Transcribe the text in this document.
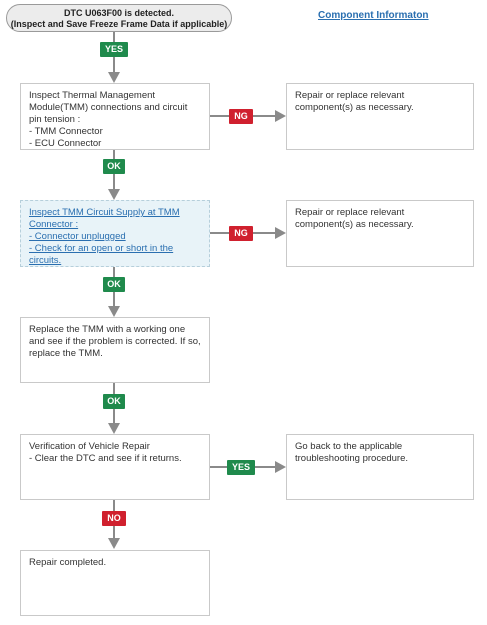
DTC U063F00 is detected.
(Inspect and Save Freeze Frame Data if applicable)
Component Informaton
YES
Inspect Thermal Management Module(TMM) connections and circuit pin tension :
- TMM Connector
- ECU Connector
NG
Repair or replace relevant component(s) as necessary.
OK
Inspect TMM Circuit Supply at TMM Connector :
- Connector unplugged
- Check for an open or short in the circuits.
NG
Repair or replace relevant component(s) as necessary.
OK
Replace the TMM with a working one and see if the problem is corrected. If so, replace the TMM.
OK
Verification of Vehicle Repair
- Clear the DTC and see if it returns.
YES
Go back to the applicable troubleshooting procedure.
NO
Repair completed.
